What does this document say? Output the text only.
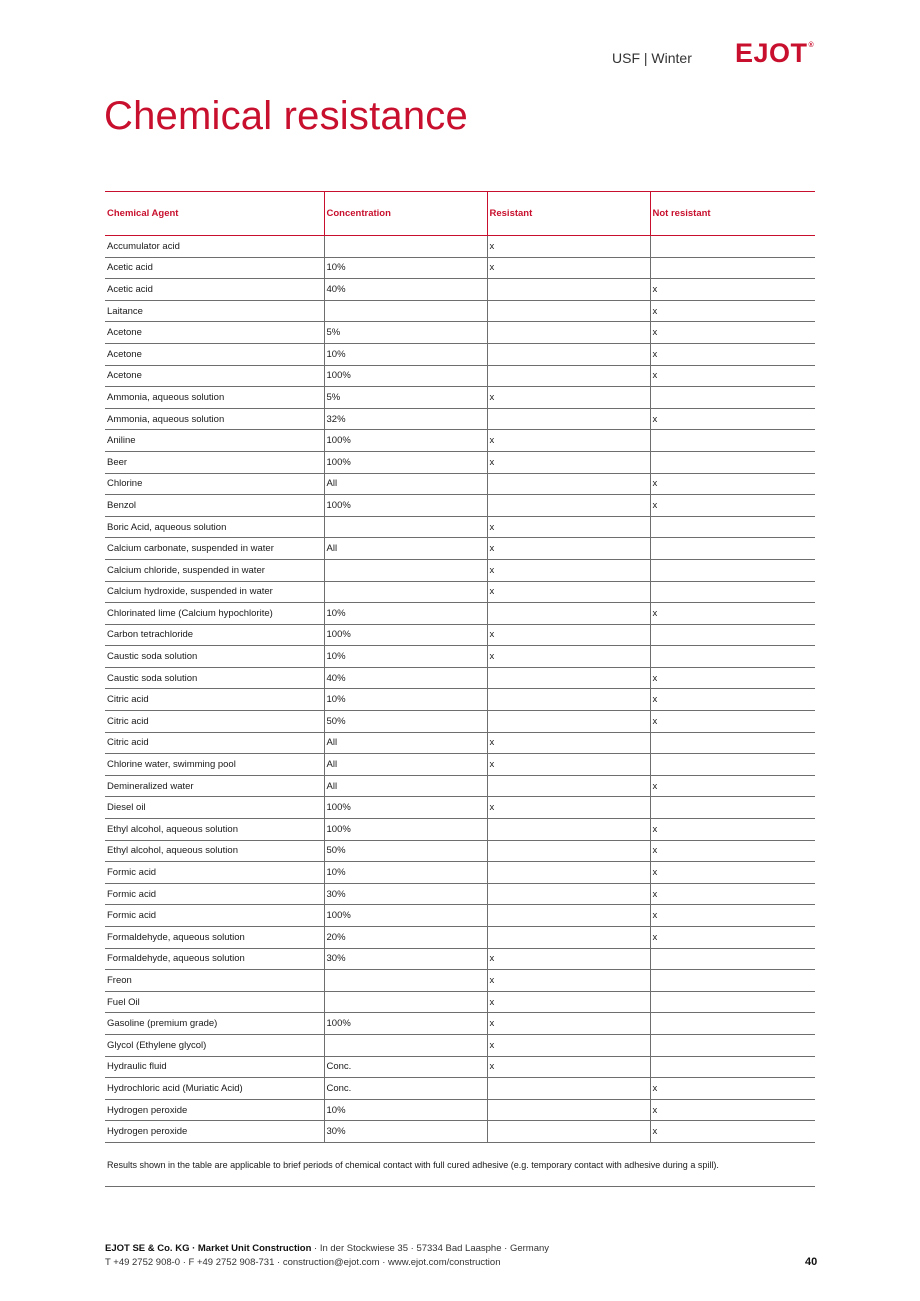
USF | Winter EJOT®
Chemical resistance
Chemical Agent	Concentration	Resistant	Not resistant
Accumulator acid		x	
Acetic acid	10%	x	
Acetic acid	40%		x
Laitance			x
Acetone	5%		x
Acetone	10%		x
Acetone	100%		x
Ammonia, aqueous solution	5%	x	
Ammonia, aqueous solution	32%		x
Aniline	100%	x	
Beer	100%	x	
Chlorine	All		x
Benzol	100%		x
Boric Acid, aqueous solution		x	
Calcium carbonate, suspended in water	All	x	
Calcium chloride, suspended in water		x	
Calcium hydroxide, suspended in water		x	
Chlorinated lime (Calcium hypochlorite)	10%		x
Carbon tetrachloride	100%	x	
Caustic soda solution	10%	x	
Caustic soda solution	40%		x
Citric acid	10%		x
Citric acid	50%		x
Citric acid	All	x	
Chlorine water, swimming pool	All	x	
Demineralized water	All		x
Diesel oil	100%	x	
Ethyl alcohol, aqueous solution	100%		x
Ethyl alcohol, aqueous solution	50%		x
Formic acid	10%		x
Formic acid	30%		x
Formic acid	100%		x
Formaldehyde, aqueous solution	20%		x
Formaldehyde, aqueous solution	30%	x	
Freon		x	
Fuel Oil		x	
Gasoline (premium grade)	100%	x	
Glycol (Ethylene glycol)		x	
Hydraulic fluid	Conc.	x	
Hydrochloric acid (Muriatic Acid)	Conc.		x
Hydrogen peroxide	10%		x
Hydrogen peroxide	30%		x
Results shown in the table are applicable to brief periods of chemical contact with full cured adhesive (e.g. temporary contact with adhesive during a spill).
EJOT SE & Co. KG · Market Unit Construction · In der Stockwiese 35 · 57334 Bad Laasphe · Germany
T +49 2752 908-0 · F +49 2752 908-731 · construction@ejot.com · www.ejot.com/construction	40
